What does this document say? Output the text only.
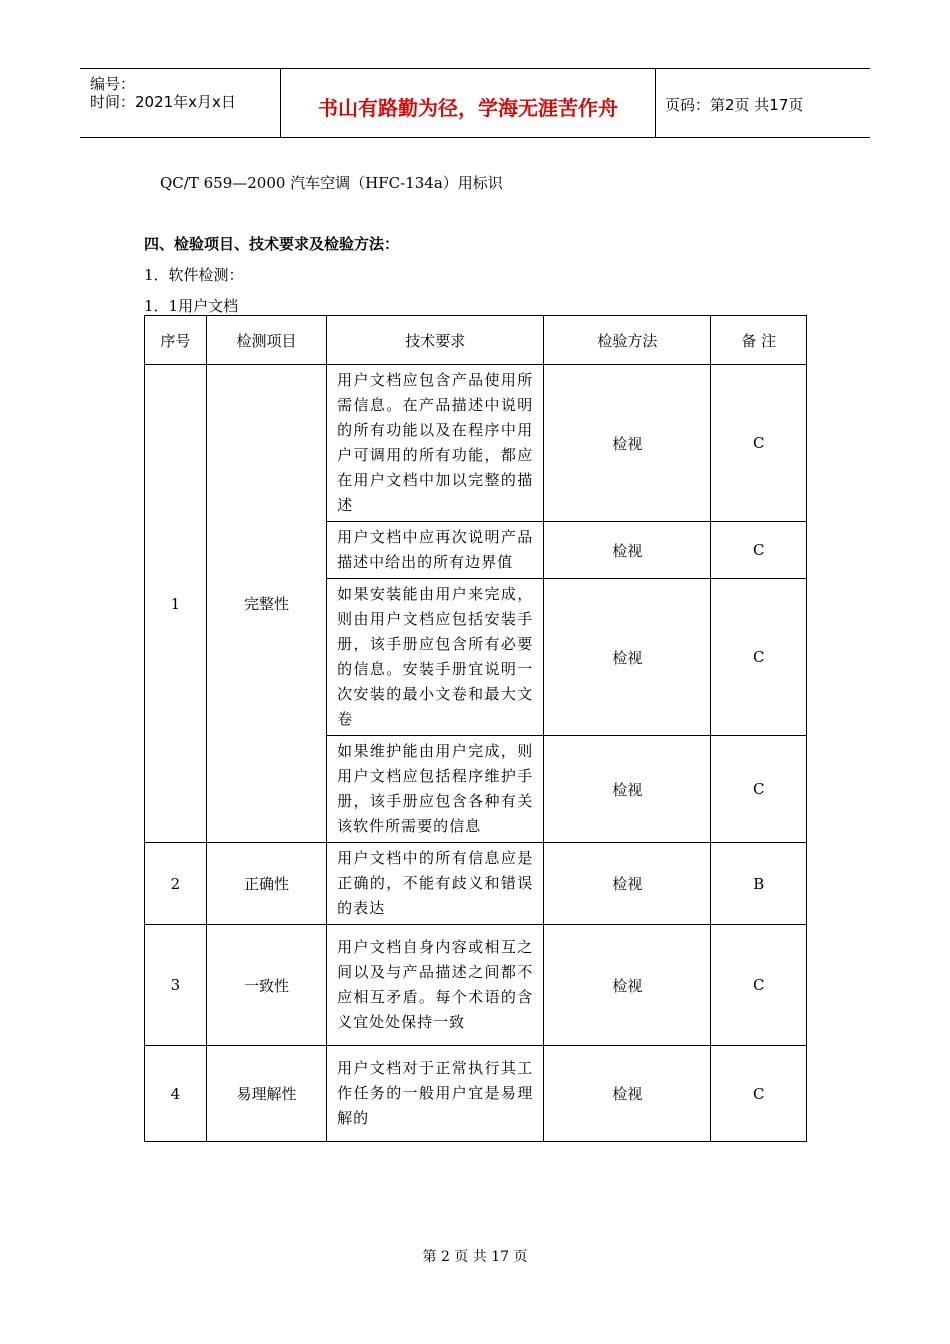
编号：
时间：2021年x月x日	书山有路勤为径，学海无涯苦作舟	页码：第2页 共17页
QC/T 659—2000 汽车空调（HFC-134a）用标识
四、检验项目、技术要求及检验方法：
1．软件检测：
1．1用户文档
序号	检测项目	技术要求	检验方法	备 注
1	完整性	用户文档应包含产品使用所需信息。在产品描述中说明的所有功能以及在程序中用户可调用的所有功能，都应在用户文档中加以完整的描述	检视	C

		用户文档中应再次说明产品描述中给出的所有边界值	检视	C

		如果安装能由用户来完成，则由用户文档应包括安装手册，该手册应包含所有必要的信息。安装手册宜说明一次安装的最小文卷和最大文卷	检视	C

		如果维护能由用户完成，则用户文档应包括程序维护手册，该手册应包含各种有关该软件所需要的信息	检视	C
2	正确性	用户文档中的所有信息应是正确的，不能有歧义和错误的表达	检视	B
3	一致性	用户文档自身内容或相互之间以及与产品描述之间都不应相互矛盾。每个术语的含义宜处处保持一致	检视	C
4	易理解性	用户文档对于正常执行其工作任务的一般用户宜是易理解的	检视	C
第 2 页 共 17 页
